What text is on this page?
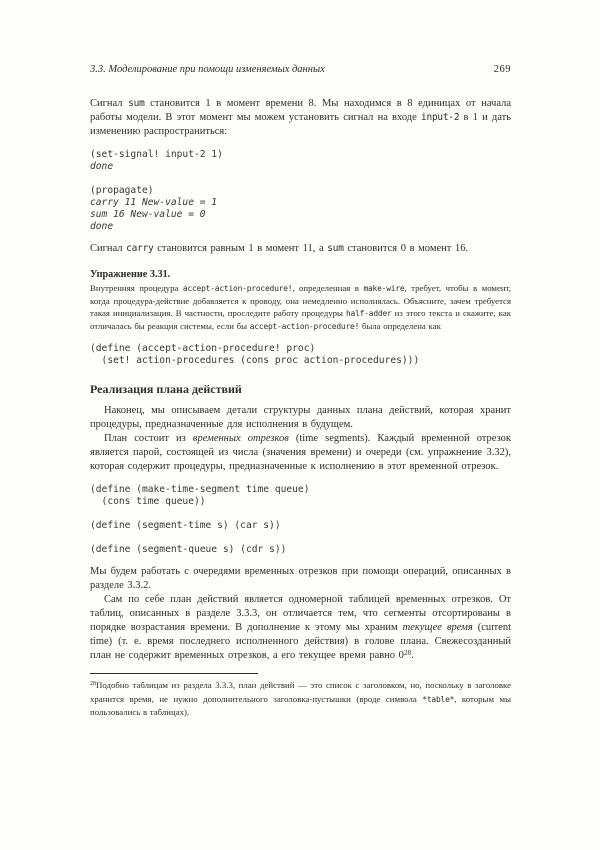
3.3. Моделирование при помощи изменяемых данных	269

Сигнал sum становится 1 в момент времени 8. Мы находимся в 8 единицах от начала работы модели. В этот момент мы можем установить сигнал на входе input-2 в 1 и дать изменению распространиться:

(set-signal! input-2 1)
done

(propagate)
carry 11 New-value = 1
sum 16 New-value = 0
done

Сигнал carry становится равным 1 в момент 11, а sum становится 0 в момент 16.

Упражнение 3.31.

Внутренняя процедура accept-action-procedure!, определенная в make-wire, требует, чтобы в момент, когда процедура-действие добавляется к проводу, она немедленно исполнялась. Объясните, зачем требуется такая инициализация. В частности, проследите работу процедуры half-adder из этого текста и скажите, как отличалась бы реакция системы, если бы accept-action-procedure! была определена как

(define (accept-action-procedure! proc)
(set! action-procedures (cons proc action-procedures)))
Реализация плана действий

Наконец, мы описываем детали структуры данных плана действий, которая хранит процедуры, предназначенные для исполнения в будущем.

План состоит из временных отрезков (time segments). Каждый временной отрезок является парой, состоящей из числа (значения времени) и очереди (см. упражнение 3.32), которая содержит процедуры, предназначенные к исполнению в этот временной отрезок.

(define (make-time-segment time queue)
(cons time queue))

(define (segment-time s) (car s))

(define (segment-queue s) (cdr s))

Мы будем работать с очередями временных отрезков при помощи операций, описанных в разделе 3.3.2.

Сам по себе план действий является одномерной таблицей временных отрезков. От таблиц, описанных в разделе 3.3.3, он отличается тем, что сегменты отсортированы в порядке возрастания времени. В дополнение к этому мы храним текущее время (current time) (т. е. время последнего исполненного действия) в голове плана. Свежесозданный план не содержит временных отрезков, а его текущее время равно $0^{28}$.

$^{28}$Подобно таблицам из раздела 3.3.3, план действий — это список с заголовком, но, поскольку в заголовке хранится время, не нужно дополнительного заголовка-пустышки (вроде символа *table*, которым мы пользовались в таблицах).
